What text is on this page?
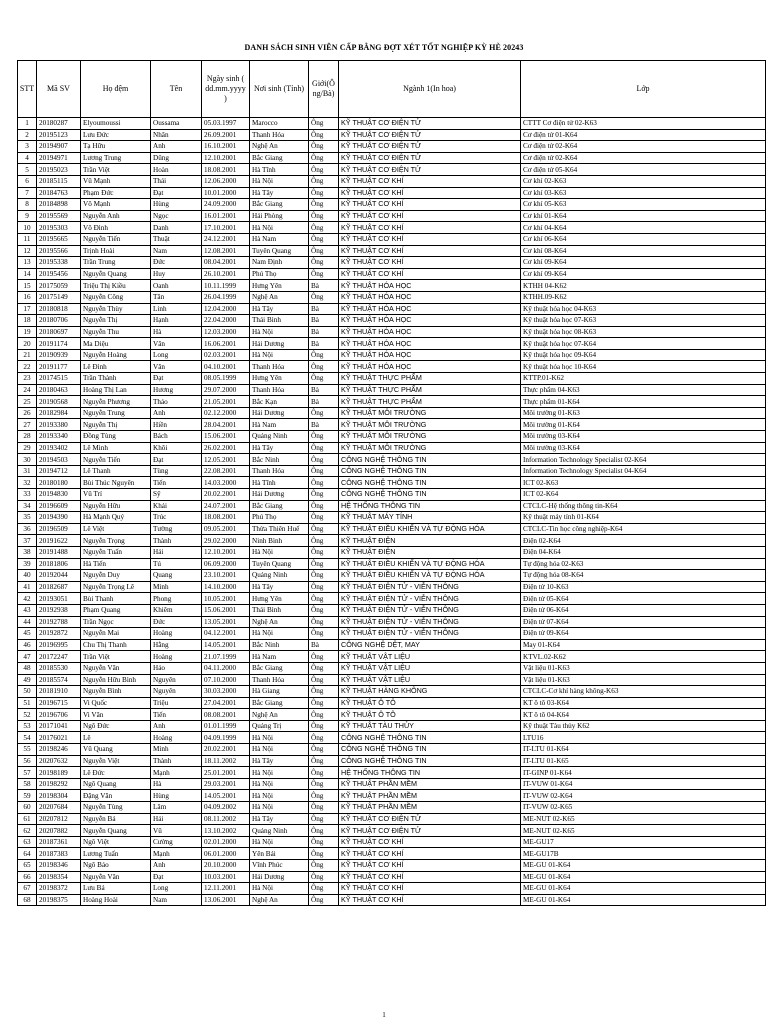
DANH SÁCH SINH VIÊN CẤP BẰNG ĐỢT XÉT TỐT NGHIỆP KỲ HÈ 20243
STT	Mã SV	Họ đệm	Tên	Ngày sinh ( dd.mm.yyyy )	Nơi sinh (Tỉnh)	Giới(Ô ng/Bà)	Ngành 1(In hoa)	Lớp
1	20180287	Elyoumoussi	Oussama	05.03.1997	Marocco	Ông	KỸ THUẬT CƠ ĐIỆN TỬ	CTTT Cơ điện tử 02-K63
2	20195123	Lưu Đức	Nhân	26.09.2001	Thanh Hóa	Ông	KỸ THUẬT CƠ ĐIỆN TỬ	Cơ điện tử 01-K64
3	20194907	Tạ Hữu	Anh	16.10.2001	Nghệ An	Ông	KỸ THUẬT CƠ ĐIỆN TỬ	Cơ điện tử 02-K64
4	20194971	Lương Trung	Dũng	12.10.2001	Bắc Giang	Ông	KỸ THUẬT CƠ ĐIỆN TỬ	Cơ điện tử 02-K64
5	20195023	Trần Việt	Hoàn	18.08.2001	Hà Tĩnh	Ông	KỸ THUẬT CƠ ĐIỆN TỬ	Cơ điện tử 05-K64
6	20185115	Vũ Mạnh	Thái	12.06.2000	Hà Nội	Ông	KỸ THUẬT CƠ KHÍ	Cơ khí 02-K63
7	20184763	Phạm Đức	Đạt	10.01.2000	Hà Tây	Ông	KỸ THUẬT CƠ KHÍ	Cơ khí 03-K63
8	20184898	Võ Mạnh	Hùng	24.09.2000	Bắc Giang	Ông	KỸ THUẬT CƠ KHÍ	Cơ khí 05-K63
9	20195569	Nguyễn Anh	Ngọc	16.01.2001	Hải Phòng	Ông	KỸ THUẬT CƠ KHÍ	Cơ khí 01-K64
10	20195303	Võ Đình	Danh	17.10.2001	Hà Nội	Ông	KỸ THUẬT CƠ KHÍ	Cơ khí 04-K64
11	20195665	Nguyễn Tiến	Thuật	24.12.2001	Hà Nam	Ông	KỸ THUẬT CƠ KHÍ	Cơ khí 06-K64
12	20195566	Trịnh Hoài	Nam	12.08.2001	Tuyên Quang	Ông	KỸ THUẬT CƠ KHÍ	Cơ khí 08-K64
13	20195338	Trần Trung	Đức	08.04.2001	Nam Định	Ông	KỸ THUẬT CƠ KHÍ	Cơ khí 09-K64
14	20195456	Nguyễn Quang	Huy	26.10.2001	Phú Thọ	Ông	KỸ THUẬT CƠ KHÍ	Cơ khí 09-K64
15	20175059	Triệu Thị Kiều	Oanh	10.11.1999	Hưng Yên	Bà	KỸ THUẬT HÓA HỌC	KTHH 04-K62
16	20175149	Nguyễn Công	Tân	26.04.1999	Nghệ An	Ông	KỸ THUẬT HÓA HỌC	KTHH.09-K62
17	20180818	Nguyễn Thùy	Linh	12.04.2000	Hà Tây	Bà	KỸ THUẬT HÓA HỌC	Kỹ thuật hóa học 04-K63
18	20180706	Nguyễn Thị	Hạnh	22.04.2000	Thái Bình	Bà	KỸ THUẬT HÓA HỌC	Kỹ thuật hóa học 07-K63
19	20180697	Nguyễn Thu	Hà	12.03.2000	Hà Nội	Bà	KỸ THUẬT HÓA HỌC	Kỹ thuật hóa học 08-K63
20	20191174	Ma Diệu	Vân	16.06.2001	Hải Dương	Bà	KỸ THUẬT HÓA HỌC	Kỹ thuật hóa học 07-K64
21	20190939	Nguyễn Hoàng	Long	02.03.2001	Hà Nội	Ông	KỸ THUẬT HÓA HỌC	Kỹ thuật hóa học 09-K64
22	20191177	Lê Đình	Văn	04.10.2001	Thanh Hóa	Ông	KỸ THUẬT HÓA HỌC	Kỹ thuật hóa học 10-K64
23	20174515	Trần Thành	Đạt	08.05.1999	Hưng Yên	Ông	KỸ THUẬT THỰC PHẨM	KTTP.01-K62
24	20180463	Hoàng Thị Lan	Hương	29.07.2000	Thanh Hóa	Bà	KỸ THUẬT THỰC PHẨM	Thực phẩm 04-K63
25	20190568	Nguyễn Phương	Thảo	21.05.2001	Bắc Kạn	Bà	KỸ THUẬT THỰC PHẨM	Thực phẩm 01-K64
26	20182984	Nguyễn Trung	Anh	02.12.2000	Hải Dương	Ông	KỸ THUẬT MÔI TRƯỜNG	Môi trường 01-K63
27	20193380	Nguyễn Thị	Hiền	28.04.2001	Hà Nam	Bà	KỸ THUẬT MÔI TRƯỜNG	Môi trường 01-K64
28	20193340	Đồng Tùng	Bách	15.06.2001	Quảng Ninh	Ông	KỸ THUẬT MÔI TRƯỜNG	Môi trường 03-K64
29	20193402	Lê Minh	Khôi	26.02.2001	Hà Tây	Ông	KỸ THUẬT MÔI TRƯỜNG	Môi trường 03-K64
30	20194503	Nguyễn Tiến	Đạt	12.05.2001	Bắc Ninh	Ông	CÔNG NGHỆ THÔNG TIN	Information Technology Specialist 02-K64
31	20194712	Lê Thanh	Tùng	22.08.2001	Thanh Hóa	Ông	CÔNG NGHỆ THÔNG TIN	Information Technology Specialist 04-K64
32	20180180	Bùi Thúc Nguyên	Tiến	14.03.2000	Hà Tĩnh	Ông	CÔNG NGHỆ THÔNG TIN	ICT 02-K63
33	20194830	Vũ Trí	Sỹ	20.02.2001	Hải Dương	Ông	CÔNG NGHỆ THÔNG TIN	ICT 02-K64
34	20196609	Nguyễn Hữu	Khải	24.07.2001	Bắc Giang	Ông	HỆ THỐNG THÔNG TIN	CTCLC-Hệ thống thông tin-K64
35	20194390	Hà Mạnh Quý	Trúc	18.08.2001	Phú Thọ	Ông	KỸ THUẬT MÁY TÍNH	Kỹ thuật máy tính 01-K64
36	20196509	Lê Việt	Tường	09.05.2001	Thừa Thiên Huế	Ông	KỸ THUẬT ĐIỀU KHIỂN VÀ TỰ ĐỘNG HÓA	CTCLC-Tin học công nghiệp-K64
37	20191622	Nguyễn Trọng	Thành	29.02.2000	Ninh Bình	Ông	KỸ THUẬT ĐIỆN	Điện 02-K64
38	20191488	Nguyễn Tuấn	Hải	12.10.2001	Hà Nội	Ông	KỸ THUẬT ĐIỆN	Điện 04-K64
39	20181806	Hà Tiến	Tú	06.09.2000	Tuyên Quang	Ông	KỸ THUẬT ĐIỀU KHIỂN VÀ TỰ ĐỘNG HÓA	Tự động hóa 02-K63
40	20192044	Nguyễn Duy	Quang	23.10.2001	Quảng Ninh	Ông	KỸ THUẬT ĐIỀU KHIỂN VÀ TỰ ĐỘNG HÓA	Tự động hóa 08-K64
41	20182687	Nguyễn Trọng Lê	Minh	14.10.2000	Hà Tây	Ông	KỸ THUẬT ĐIỆN TỬ - VIỄN THÔNG	Điện tử 10-K63
42	20193051	Bùi Thanh	Phong	10.05.2001	Hưng Yên	Ông	KỸ THUẬT ĐIỆN TỬ - VIỄN THÔNG	Điện tử 05-K64
43	20192938	Phạm Quang	Khiêm	15.06.2001	Thái Bình	Ông	KỸ THUẬT ĐIỆN TỬ - VIỄN THÔNG	Điện tử 06-K64
44	20192788	Trần Ngọc	Đức	13.05.2001	Nghệ An	Ông	KỸ THUẬT ĐIỆN TỬ - VIỄN THÔNG	Điện tử 07-K64
45	20192872	Nguyễn Mai	Hoàng	04.12.2001	Hà Nội	Ông	KỸ THUẬT ĐIỆN TỬ - VIỄN THÔNG	Điện tử 09-K64
46	20196995	Chu Thị Thanh	Hằng	14.05.2001	Bắc Ninh	Bà	CÔNG NGHỆ DỆT, MAY	May 01-K64
47	20172247	Trần Việt	Hoàng	21.07.1999	Hà Nam	Ông	KỸ THUẬT VẬT LIỆU	KTVL.02-K62
48	20185530	Nguyễn Văn	Hảo	04.11.2000	Bắc Giang	Ông	KỸ THUẬT VẬT LIỆU	Vật liệu 01-K63
49	20185574	Nguyễn Hữu Bình	Nguyên	07.10.2000	Thanh Hóa	Ông	KỸ THUẬT VẬT LIỆU	Vật liệu 01-K63
50	20181910	Nguyễn Bình	Nguyên	30.03.2000	Hà Giang	Ông	KỸ THUẬT HÀNG KHÔNG	CTCLC-Cơ khí hàng không-K63
51	20196715	Vi Quốc	Triệu	27.04.2001	Bắc Giang	Ông	KỸ THUẬT Ô TÔ	KT ô tô 03-K64
52	20196706	Vi Văn	Tiến	08.08.2001	Nghệ An	Ông	KỸ THUẬT Ô TÔ	KT ô tô 04-K64
53	20171041	Ngô Đức	Anh	01.01.1999	Quảng Trị	Ông	KỸ THUẬT TÀU THỦY	Kỹ thuật Tàu thủy K62
54	20176021	Lê	Hoàng	04.09.1999	Hà Nội	Ông	CÔNG NGHỆ THÔNG TIN	LTU16
55	20198246	Vũ Quang	Minh	20.02.2001	Hà Nội	Ông	CÔNG NGHỆ THÔNG TIN	IT-LTU 01-K64
56	20207632	Nguyễn Việt	Thành	18.11.2002	Hà Tây	Ông	CÔNG NGHỆ THÔNG TIN	IT-LTU 01-K65
57	20198189	Lê Đức	Mạnh	25.01.2001	Hà Nội	Ông	HỆ THỐNG THÔNG TIN	IT-GINP 01-K64
58	20198292	Ngô Quang	Hà	29.03.2001	Hà Nội	Ông	KỸ THUẬT PHẦN MỀM	IT-VUW 01-K64
59	20198304	Đặng Văn	Hùng	14.05.2001	Hà Nội	Ông	KỸ THUẬT PHẦN MỀM	IT-VUW 02-K64
60	20207684	Nguyễn Tùng	Lâm	04.09.2002	Hà Nội	Ông	KỸ THUẬT PHẦN MỀM	IT-VUW 02-K65
61	20207812	Nguyễn Bá	Hải	08.11.2002	Hà Tây	Ông	KỸ THUẬT CƠ ĐIỆN TỬ	ME-NUT 02-K65
62	20207882	Nguyễn Quang	Vũ	13.10.2002	Quảng Ninh	Ông	KỸ THUẬT CƠ ĐIỆN TỬ	ME-NUT 02-K65
63	20187361	Ngô Việt	Cường	02.01.2000	Hà Nội	Ông	KỸ THUẬT CƠ KHÍ	ME-GU17
64	20187383	Lương Tuấn	Mạnh	06.01.2000	Yên Bái	Ông	KỸ THUẬT CƠ KHÍ	ME-GU17B
65	20198346	Ngô Bảo	Anh	20.10.2000	Vĩnh Phúc	Ông	KỸ THUẬT CƠ KHÍ	ME-GU 01-K64
66	20198354	Nguyễn Văn	Đạt	10.03.2001	Hải Dương	Ông	KỸ THUẬT CƠ KHÍ	ME-GU 01-K64
67	20198372	Lưu Bá	Long	12.11.2001	Hà Nội	Ông	KỸ THUẬT CƠ KHÍ	ME-GU 01-K64
68	20198375	Hoàng Hoài	Nam	13.06.2001	Nghệ An	Ông	KỸ THUẬT CƠ KHÍ	ME-GU 01-K64
1
